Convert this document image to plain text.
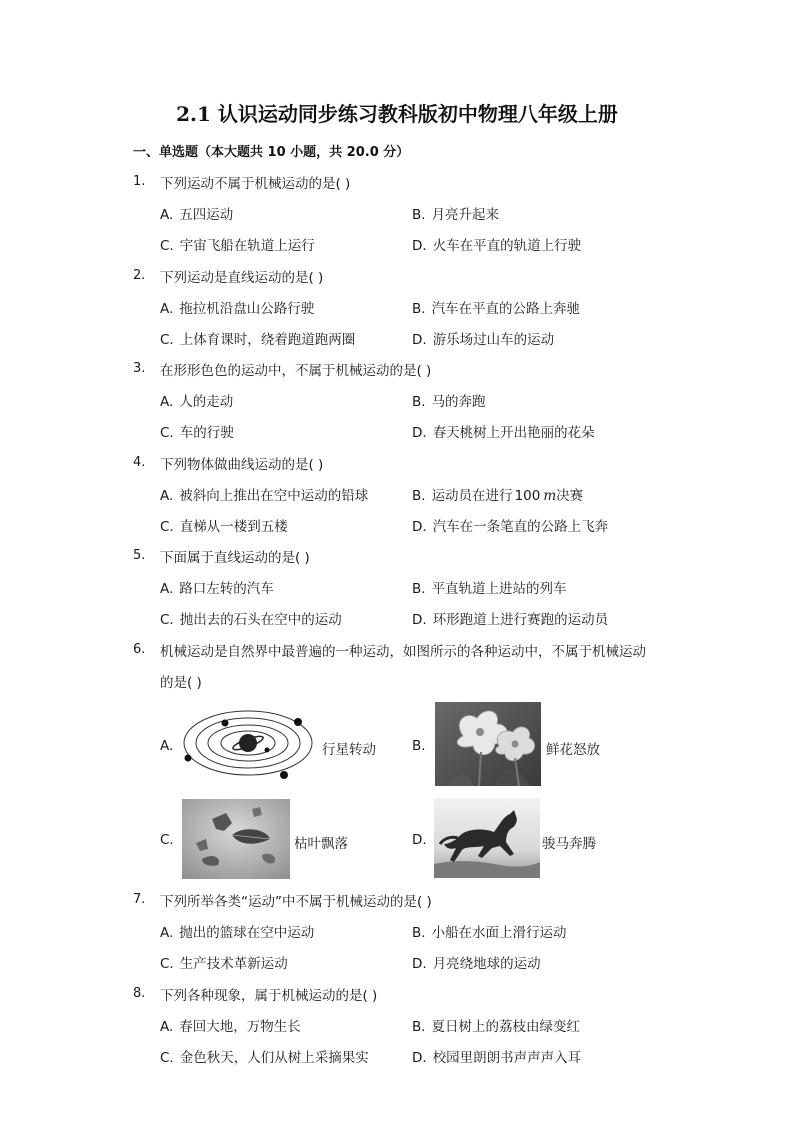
2.1 认识运动同步练习教科版初中物理八年级上册
一、单选题（本大题共 10 小题，共 20.0 分）
1. 下列运动不属于机械运动的是( )
A. 五四运动	B. 月亮升起来
C. 宇宙飞船在轨道上运行	D. 火车在平直的轨道上行驶
2. 下列运动是直线运动的是( )
A. 拖拉机沿盘山公路行驶	B. 汽车在平直的公路上奔驰
C. 上体育课时，绕着跑道跑两圈	D. 游乐场过山车的运动
3. 在形形色色的运动中，不属于机械运动的是( )
A. 人的走动	B. 马的奔跑
C. 车的行驶	D. 春天桃树上开出艳丽的花朵
4. 下列物体做曲线运动的是( )
A. 被斜向上推出在空中运动的铅球	B. 运动员在进行 100 m决赛
C. 直梯从一楼到五楼	D. 汽车在一条笔直的公路上飞奔
5. 下面属于直线运动的是( )
A. 路口左转的汽车	B. 平直轨道上进站的列车
C. 抛出去的石头在空中的运动	D. 环形跑道上进行赛跑的运动员
6. 机械运动是自然界中最普遍的一种运动，如图所示的各种运动中，不属于机械运动
的是( )
A.	行星转动	B.	鲜花怒放
C.	枯叶飘落	D.	骏马奔腾
7. 下列所举各类“运动”中不属于机械运动的是( )
A. 抛出的篮球在空中运动	B. 小船在水面上滑行运动
C. 生产技术革新运动	D. 月亮绕地球的运动
8. 下列各种现象，属于机械运动的是( )
A. 春回大地，万物生长	B. 夏日树上的荔枝由绿变红
C. 金色秋天，人们从树上采摘果实	D. 校园里朗朗书声声声入耳
